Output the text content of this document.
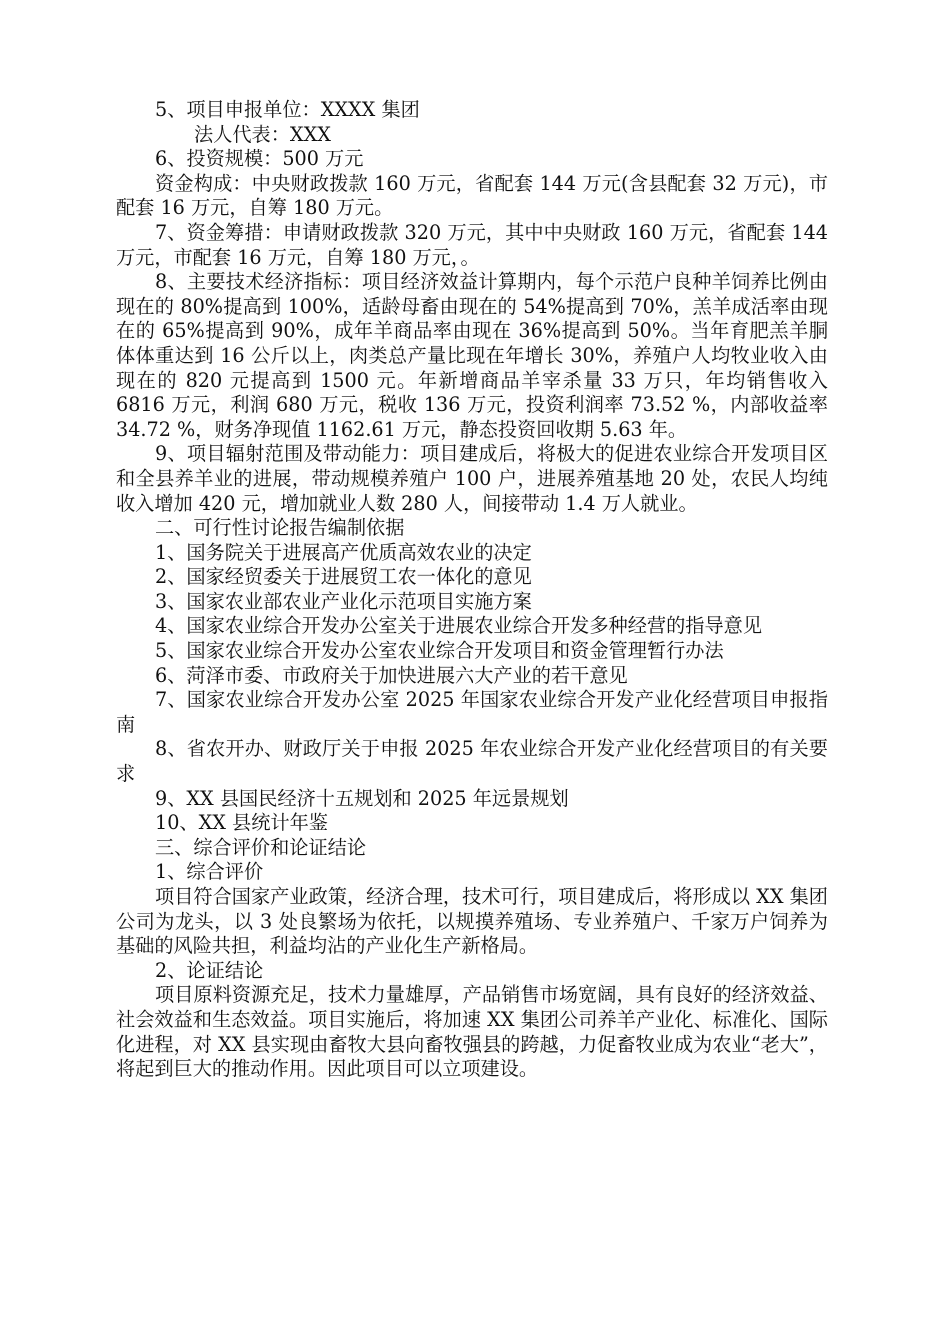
5、项目申报单位：XXXX 集团

法人代表：XXX

6、投资规模：500 万元

资金构成：中央财政拨款 160 万元，省配套 144 万元(含县配套 32 万元)，市配套 16 万元，自筹 180 万元。

7、资金筹措：申请财政拨款 320 万元，其中中央财政 160 万元，省配套 144 万元，市配套 16 万元，自筹 180 万元，。

8、主要技术经济指标：项目经济效益计算期内，每个示范户良种羊饲养比例由现在的 80%提高到 100%，适龄母畜由现在的 54%提高到 70%，羔羊成活率由现在的 65%提高到 90%，成年羊商品率由现在 36%提高到 50%。当年育肥羔羊胴体体重达到 16 公斤以上，肉类总产量比现在年增长 30%，养殖户人均牧业收入由现在的 820 元提高到 1500 元。年新增商品羊宰杀量 33 万只，年均销售收入 6816 万元，利润 680 万元，税收 136 万元，投资利润率 73.52 %，内部收益率 34.72 %，财务净现值 1162.61 万元，静态投资回收期 5.63 年。

9、项目辐射范围及带动能力：项目建成后，将极大的促进农业综合开发项目区和全县养羊业的进展，带动规模养殖户 100 户，进展养殖基地 20 处，农民人均纯收入增加 420 元，增加就业人数 280 人，间接带动 1.4 万人就业。

二、可行性讨论报告编制依据

1、国务院关于进展高产优质高效农业的决定

2、国家经贸委关于进展贸工农一体化的意见

3、国家农业部农业产业化示范项目实施方案

4、国家农业综合开发办公室关于进展农业综合开发多种经营的指导意见

5、国家农业综合开发办公室农业综合开发项目和资金管理暂行办法

6、菏泽市委、市政府关于加快进展六大产业的若干意见

7、国家农业综合开发办公室 2025 年国家农业综合开发产业化经营项目申报指南

8、省农开办、财政厅关于申报 2025 年农业综合开发产业化经营项目的有关要求

9、XX 县国民经济十五规划和 2025 年远景规划

10、XX 县统计年鉴

三、综合评价和论证结论

1、综合评价

项目符合国家产业政策，经济合理，技术可行，项目建成后，将形成以 XX 集团公司为龙头，以 3 处良繁场为依托，以规摸养殖场、专业养殖户、千家万户饲养为基础的风险共担，利益均沾的产业化生产新格局。

2、论证结论

项目原料资源充足，技术力量雄厚，产品销售市场宽阔，具有良好的经济效益、社会效益和生态效益。项目实施后，将加速 XX 集团公司养羊产业化、标准化、国际化进程，对 XX 县实现由畜牧大县向畜牧强县的跨越，力促畜牧业成为农业“老大”，将起到巨大的推动作用。因此项目可以立项建设。
